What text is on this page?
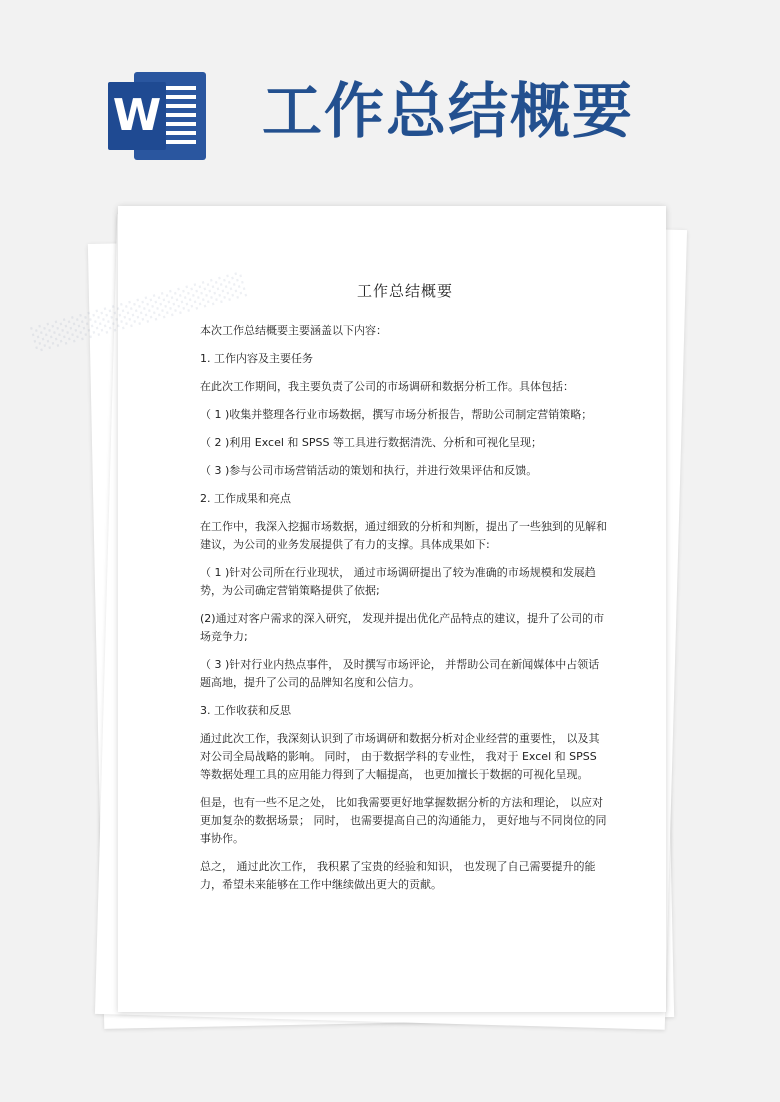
W 工作总结概要
工作总结概要

本次工作总结概要主要涵盖以下内容：

1. 工作内容及主要任务

在此次工作期间，我主要负责了公司的市场调研和数据分析工作。具体包括：

（ 1 )收集并整理各行业市场数据，撰写市场分析报告，帮助公司制定营销策略；

（ 2 )利用 Excel 和 SPSS 等工具进行数据清洗、分析和可视化呈现；

（ 3 )参与公司市场营销活动的策划和执行，并进行效果评估和反馈。

2. 工作成果和亮点

在工作中，我深入挖掘市场数据，通过细致的分析和判断，提出了一些独到的见解和建议，为公司的业务发展提供了有力的支撑。具体成果如下:

（ 1 )针对公司所在行业现状， 通过市场调研提出了较为准确的市场规模和发展趋势，为公司确定营销策略提供了依据;

(2)通过对客户需求的深入研究， 发现并提出优化产品特点的建议，提升了公司的市场竞争力;

（ 3 )针对行业内热点事件， 及时撰写市场评论， 并帮助公司在新闻媒体中占领话题高地，提升了公司的品牌知名度和公信力。

3. 工作收获和反思

通过此次工作，我深刻认识到了市场调研和数据分析对企业经营的重要性， 以及其对公司全局战略的影响。 同时， 由于数据学科的专业性， 我对于 Excel 和 SPSS 等数据处理工具的应用能力得到了大幅提高， 也更加擅长于数据的可视化呈现。

但是，也有一些不足之处， 比如我需要更好地掌握数据分析的方法和理论， 以应对更加复杂的数据场景； 同时， 也需要提高自己的沟通能力， 更好地与不同岗位的同事协作。

总之， 通过此次工作， 我积累了宝贵的经验和知识， 也发现了自己需要提升的能力，希望未来能够在工作中继续做出更大的贡献。
